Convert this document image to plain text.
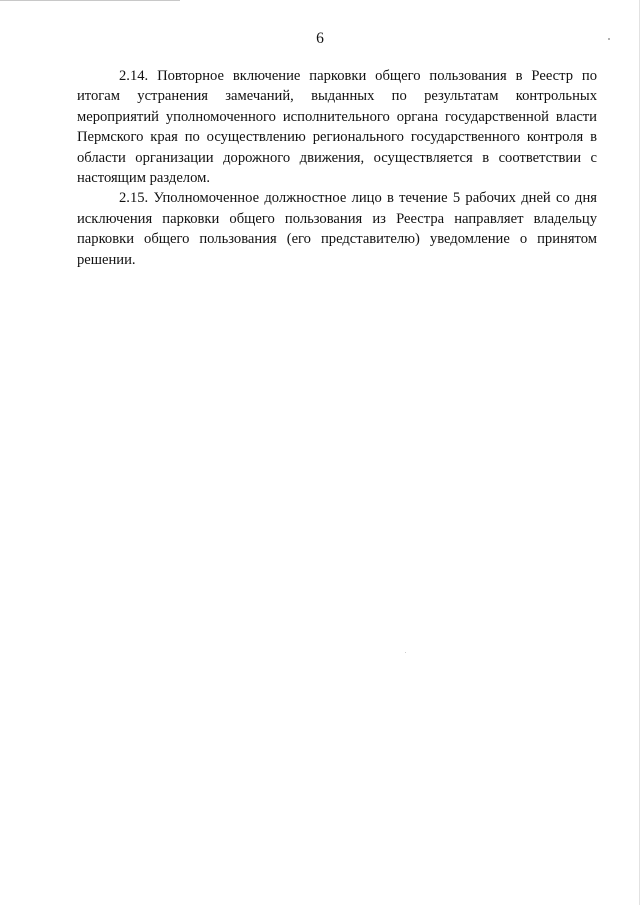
6

2.14. Повторное включение парковки общего пользования в Реестр по итогам устранения замечаний, выданных по результатам контрольных мероприятий уполномоченного исполнительного органа государственной власти Пермского края по осуществлению регионального государственного контроля в области организации дорожного движения, осуществляется в соответствии с настоящим разделом.

2.15. Уполномоченное должностное лицо в течение 5 рабочих дней со дня исключения парковки общего пользования из Реестра направляет владельцу парковки общего пользования (его представителю) уведомление о принятом решении.
